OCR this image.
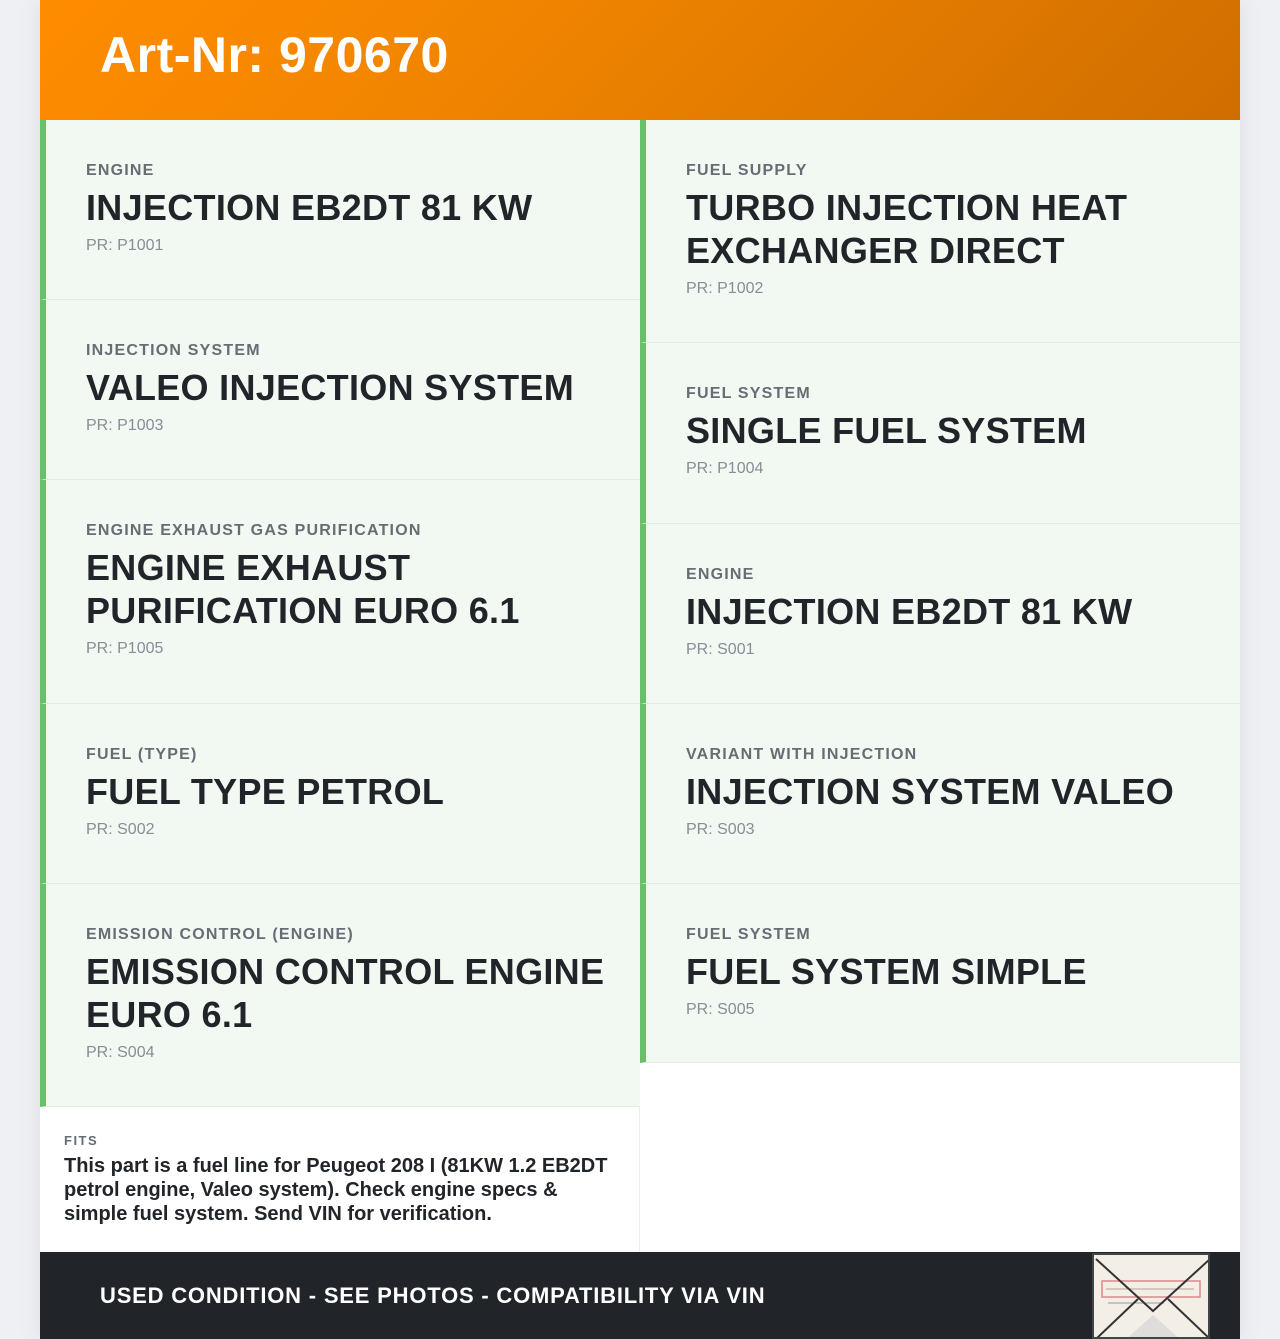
Art-Nr: 970670
ENGINE
INJECTION EB2DT 81 KW
PR: P1001
INJECTION SYSTEM
VALEO INJECTION SYSTEM
PR: P1003
ENGINE EXHAUST GAS PURIFICATION
ENGINE EXHAUST PURIFICATION EURO 6.1
PR: P1005
FUEL (TYPE)
FUEL TYPE PETROL
PR: S002
EMISSION CONTROL (ENGINE)
EMISSION CONTROL ENGINE EURO 6.1
PR: S004
FUEL SUPPLY
TURBO INJECTION HEAT EXCHANGER DIRECT
PR: P1002
FUEL SYSTEM
SINGLE FUEL SYSTEM
PR: P1004
ENGINE
INJECTION EB2DT 81 KW
PR: S001
VARIANT WITH INJECTION
INJECTION SYSTEM VALEO
PR: S003
FUEL SYSTEM
FUEL SYSTEM SIMPLE
PR: S005
FITS
This part is a fuel line for Peugeot 208 I (81KW 1.2 EB2DT petrol engine, Valeo system). Check engine specs & simple fuel system. Send VIN for verification.
USED CONDITION - SEE PHOTOS - COMPATIBILITY VIA VIN
